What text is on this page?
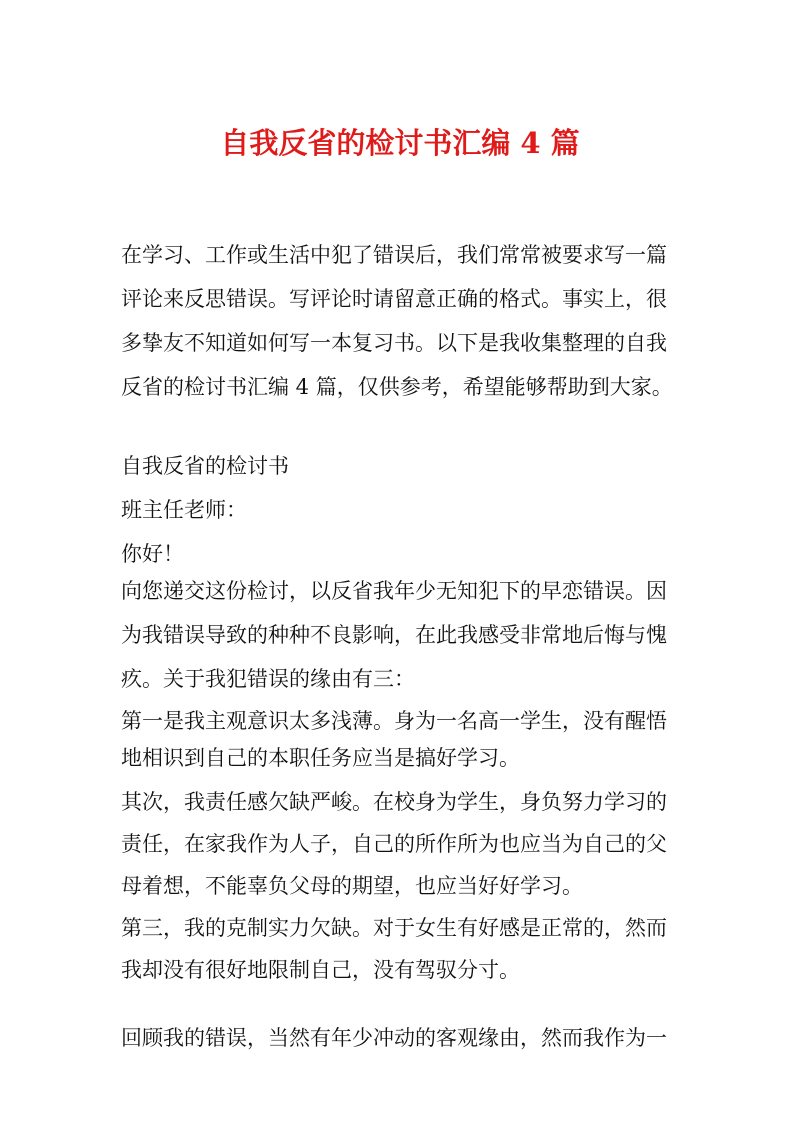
自我反省的检讨书汇编 4 篇
在学习、工作或生活中犯了错误后，我们常常被要求写一篇
评论来反思错误。写评论时请留意正确的格式。事实上，很
多挚友不知道如何写一本复习书。以下是我收集整理的自我
反省的检讨书汇编 4 篇，仅供参考，希望能够帮助到大家。
自我反省的检讨书
班主任老师：
你好！
向您递交这份检讨，以反省我年少无知犯下的早恋错误。因
为我错误导致的种种不良影响，在此我感受非常地后悔与愧
疚。关于我犯错误的缘由有三：
第一是我主观意识太多浅薄。身为一名高一学生，没有醒悟
地相识到自己的本职任务应当是搞好学习。
其次，我责任感欠缺严峻。在校身为学生，身负努力学习的
责任，在家我作为人子，自己的所作所为也应当为自己的父
母着想，不能辜负父母的期望，也应当好好学习。
第三，我的克制实力欠缺。对于女生有好感是正常的，然而
我却没有很好地限制自己，没有驾驭分寸。
回顾我的错误，当然有年少冲动的客观缘由，然而我作为一
